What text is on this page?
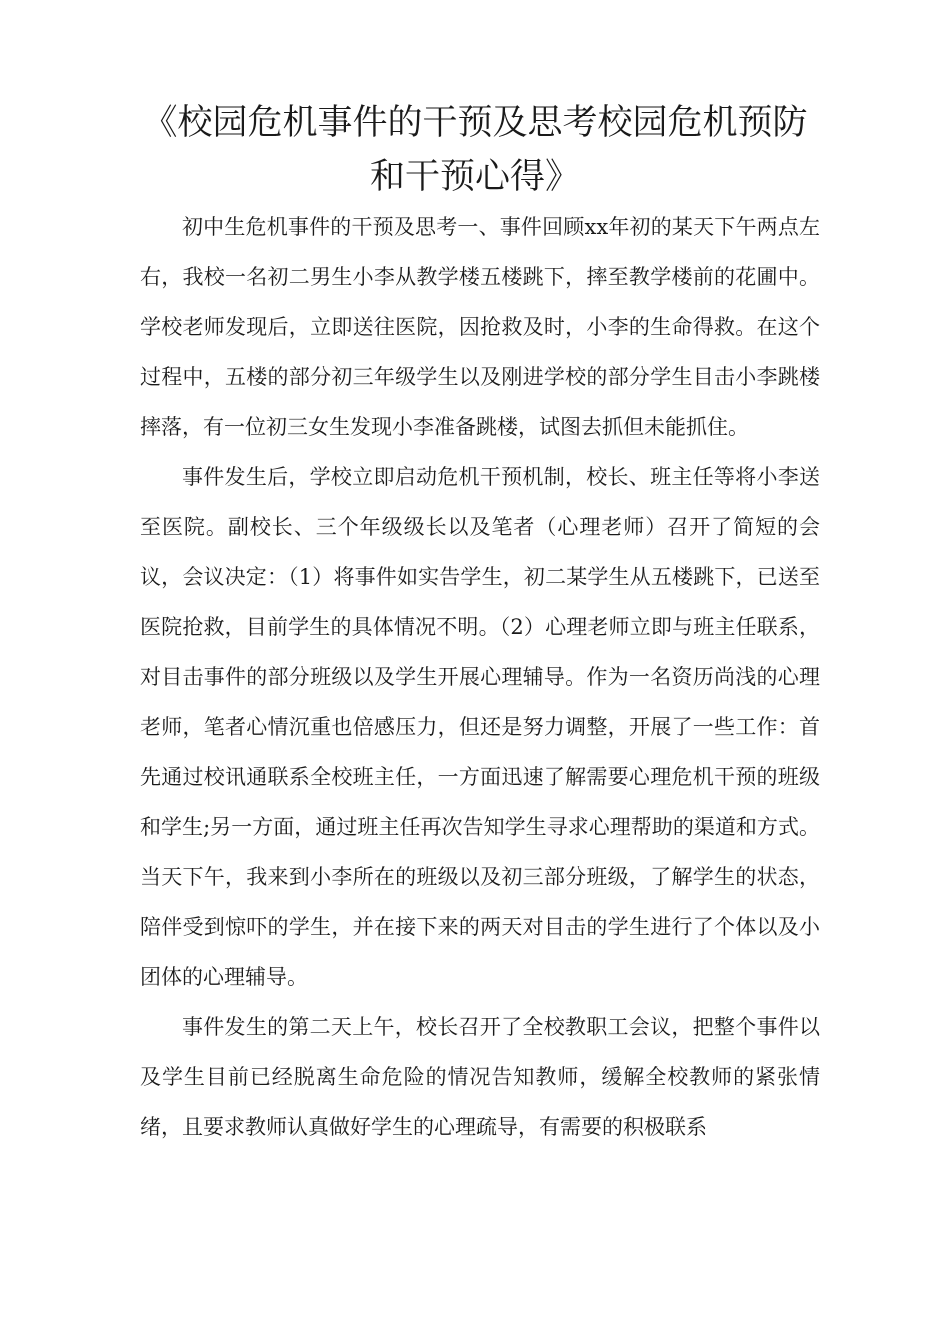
《校园危机事件的干预及思考校园危机预防和干预心得》

初中生危机事件的干预及思考一、事件回顾xx年初的某天下午两点左右，我校一名初二男生小李从教学楼五楼跳下，摔至教学楼前的花圃中。学校老师发现后，立即送往医院，因抢救及时，小李的生命得救。在这个过程中，五楼的部分初三年级学生以及刚进学校的部分学生目击小李跳楼摔落，有一位初三女生发现小李准备跳楼，试图去抓但未能抓住。

事件发生后，学校立即启动危机干预机制，校长、班主任等将小李送至医院。副校长、三个年级级长以及笔者（心理老师）召开了简短的会议，会议决定：（1）将事件如实告学生，初二某学生从五楼跳下，已送至医院抢救，目前学生的具体情况不明。（2）心理老师立即与班主任联系，对目击事件的部分班级以及学生开展心理辅导。作为一名资历尚浅的心理老师，笔者心情沉重也倍感压力，但还是努力调整，开展了一些工作：首先通过校讯通联系全校班主任，一方面迅速了解需要心理危机干预的班级和学生;另一方面，通过班主任再次告知学生寻求心理帮助的渠道和方式。当天下午，我来到小李所在的班级以及初三部分班级，了解学生的状态，陪伴受到惊吓的学生，并在接下来的两天对目击的学生进行了个体以及小团体的心理辅导。

事件发生的第二天上午，校长召开了全校教职工会议，把整个事件以及学生目前已经脱离生命危险的情况告知教师，缓解全校教师的紧张情绪，且要求教师认真做好学生的心理疏导，有需要的积极联系
